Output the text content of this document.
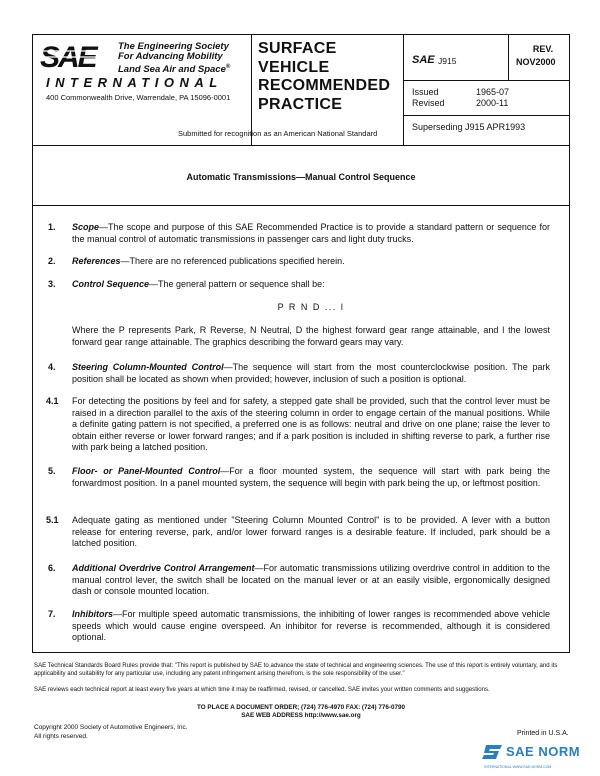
SAE	The Engineering Society
For Advancing Mobility
Land Sea Air and Space®
INTERNATIONAL
400 Commonwealth Drive, Warrendale, PA 15096-0001
SURFACE
VEHICLE
RECOMMENDED
PRACTICE
Submitted for recognition as an American National Standard
SAE J915
REV.
NOV2000
Issued	1965-07
Revised	2000-11
Superseding J915 APR1993
Automatic Transmissions—Manual Control Sequence
1. Scope—The scope and purpose of this SAE Recommended Practice is to provide a standard pattern or sequence for the manual control of automatic transmissions in passenger cars and light duty trucks.
2. References—There are no referenced publications specified herein.
3. Control Sequence—The general pattern or sequence shall be:
P R N D ... l
Where the P represents Park, R Reverse, N Neutral, D the highest forward gear range attainable, and l the lowest forward gear range attainable. The graphics describing the forward gears may vary.
4. Steering Column-Mounted Control—The sequence will start from the most counterclockwise position. The park position shall be located as shown when provided; however, inclusion of such a position is optional.
4.1 For detecting the positions by feel and for safety, a stepped gate shall be provided, such that the control lever must be raised in a direction parallel to the axis of the steering column in order to engage certain of the manual positions. While a definite gating pattern is not specified, a preferred one is as follows: neutral and drive on one plane; raise the lever to obtain either reverse or lower forward ranges; and if a park position is included in shifting reverse to park, a further rise with park being a latched position.
5. Floor- or Panel-Mounted Control—For a floor mounted system, the sequence will start with park being the forwardmost position. In a panel mounted system, the sequence will begin with park being the up, or leftmost position.
5.1 Adequate gating as mentioned under "Steering Column Mounted Control" is to be provided. A lever with a button release for entering reverse, park, and/or lower forward ranges is a desirable feature. If included, park should be a latched position.
6. Additional Overdrive Control Arrangement—For automatic transmissions utilizing overdrive control in addition to the manual control lever, the switch shall be located on the manual lever or at an easily visible, ergonomically designed dash or console mounted location.
7. Inhibitors—For multiple speed automatic transmissions, the inhibiting of lower ranges is recommended above vehicle speeds which would cause engine overspeed. An inhibitor for reverse is recommended, although it is considered optional.
SAE Technical Standards Board Rules provide that: "This report is published by SAE to advance the state of technical and engineering sciences. The use of this report is entirely voluntary, and its applicability and suitability for any particular use, including any patent infringement arising therefrom, is the sole responsibility of the user."
SAE reviews each technical report at least every five years at which time it may be reaffirmed, revised, or cancelled. SAE invites your written comments and suggestions.
TO PLACE A DOCUMENT ORDER; (724) 776-4970 FAX: (724) 776-0790
SAE WEB ADDRESS http://www.sae.org
Copyright 2000 Society of Automotive Engineers, Inc.
All rights reserved.	Printed in U.S.A.
SAE NORM
INTERNATIONAL WWW.SAE-NORM.COM
